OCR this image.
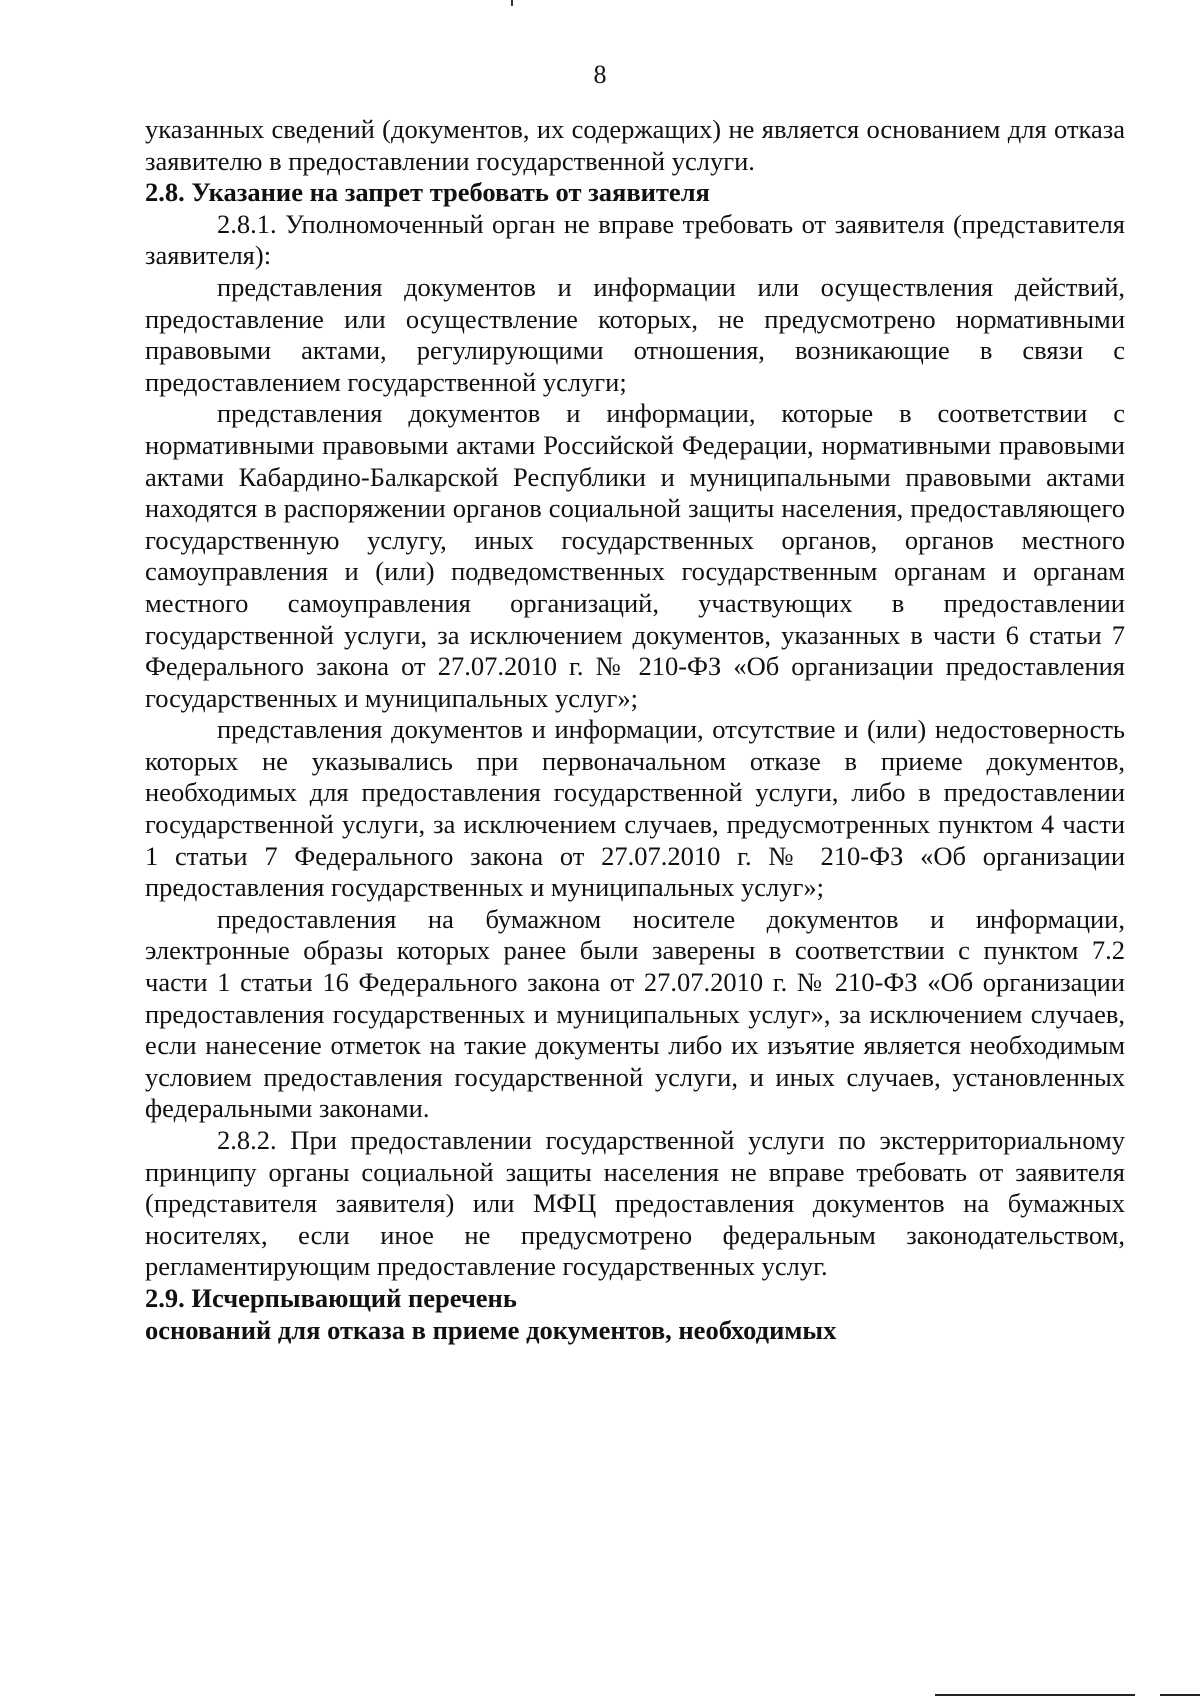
8

указанных сведений (документов, их содержащих) не является основанием для отказа заявителю в предоставлении государственной услуги.

2.8. Указание на запрет требовать от заявителя

2.8.1. Уполномоченный орган не вправе требовать от заявителя (представителя заявителя):

представления документов и информации или осуществления действий, предоставление или осуществление которых, не предусмотрено нормативными правовыми актами, регулирующими отношения, возникающие в связи с предоставлением государственной услуги;

представления документов и информации, которые в соответствии с нормативными правовыми актами Российской Федерации, нормативными правовыми актами Кабардино-Балкарской Республики и муниципальными правовыми актами находятся в распоряжении органов социальной защиты населения, предоставляющего государственную услугу, иных государственных органов, органов местного самоуправления и (или) подведомственных государственным органам и органам местного самоуправления организаций, участвующих в предоставлении государственной услуги, за исключением документов, указанных в части 6 статьи 7 Федерального закона от 27.07.2010 г. № 210-ФЗ «Об организации предоставления государственных и муниципальных услуг»;

представления документов и информации, отсутствие и (или) недостоверность которых не указывались при первоначальном отказе в приеме документов, необходимых для предоставления государственной услуги, либо в предоставлении государственной услуги, за исключением случаев, предусмотренных пунктом 4 части 1 статьи 7 Федерального закона от 27.07.2010 г. № 210-ФЗ «Об организации предоставления государственных и муниципальных услуг»;

предоставления на бумажном носителе документов и информации, электронные образы которых ранее были заверены в соответствии с пунктом 7.2 части 1 статьи 16 Федерального закона от 27.07.2010 г. № 210-ФЗ «Об организации предоставления государственных и муниципальных услуг», за исключением случаев, если нанесение отметок на такие документы либо их изъятие является необходимым условием предоставления государственной услуги, и иных случаев, установленных федеральными законами.

2.8.2. При предоставлении государственной услуги по экстерриториальному принципу органы социальной защиты населения не вправе требовать от заявителя (представителя заявителя) или МФЦ предоставления документов на бумажных носителях, если иное не предусмотрено федеральным законодательством, регламентирующим предоставление государственных услуг.

2.9. Исчерпывающий перечень
оснований для отказа в приеме документов, необходимых
